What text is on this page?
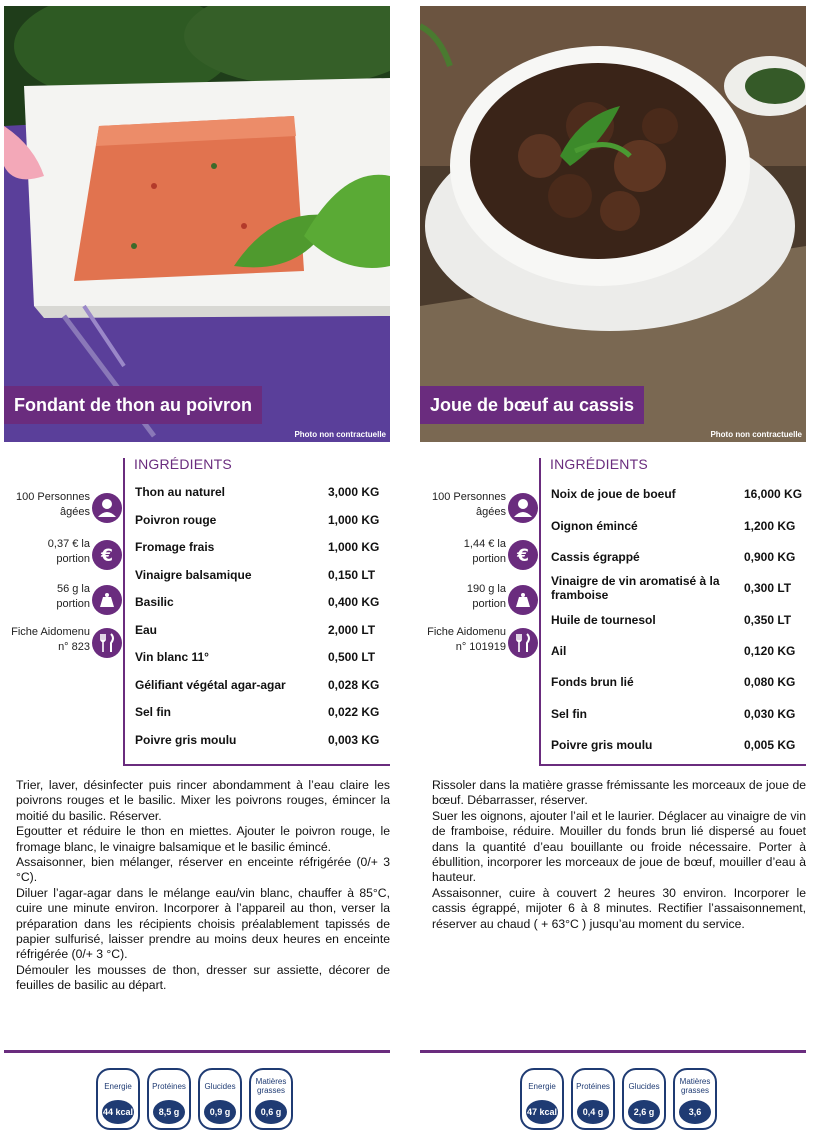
Fondant de thon au poivron
Photo non contractuelle
100 Personnes âgées
0,37 € la portion €
56 g la portion
Fiche Aidomenu n° 823
INGRÉDIENTS
Thon au naturel	3,000 KG
Poivron rouge	1,000 KG
Fromage frais	1,000 KG
Vinaigre balsamique	0,150 LT
Basilic	0,400 KG
Eau	2,000 LT
Vin blanc 11°	0,500 LT
Gélifiant végétal agar-agar	0,028 KG
Sel fin	0,022 KG
Poivre gris moulu	0,003 KG

Trier, laver, désinfecter puis rincer abondamment à l’eau claire les poivrons rouges et le basilic. Mixer les poivrons rouges, émincer la moitié du basilic. Réserver.

Egoutter et réduire le thon en miettes. Ajouter le poivron rouge, le fromage blanc, le vinaigre balsamique et le basilic émincé.

Assaisonner, bien mélanger, réserver en enceinte réfrigérée (0/+ 3 °C).

Diluer l’agar-agar dans le mélange eau/vin blanc, chauffer à 85°C, cuire une minute environ. Incorporer à l’appareil au thon, verser la préparation dans les récipients choisis préalablement tapissés de papier sulfurisé, laisser prendre au moins deux heures en enceinte réfrigérée (0/+ 3 °C).

Démouler les mousses de thon, dresser sur assiette, décorer de feuilles de basilic au départ.

Energie
44 kcal
Protéines
8,5 g
Glucides
0,9 g
Matières grasses
0,6 g
Joue de bœuf au cassis
Photo non contractuelle
100 Personnes âgées
1,44 € la portion €
190 g la portion
Fiche Aidomenu n° 101919
INGRÉDIENTS
Noix de joue de boeuf	16,000 KG
Oignon émincé	1,200 KG
Cassis égrappé	0,900 KG
Vinaigre de vin aromatisé à la framboise	0,300 LT
Huile de tournesol	0,350 LT
Ail	0,120 KG
Fonds brun lié	0,080 KG
Sel fin	0,030 KG
Poivre gris moulu	0,005 KG

Rissoler dans la matière grasse frémissante les morceaux de joue de bœuf. Débarrasser, réserver.

Suer les oignons, ajouter l’ail et le laurier. Déglacer au vinaigre de vin de framboise, réduire. Mouiller du fonds brun lié dispersé au fouet dans la quantité d’eau bouillante ou froide nécessaire. Porter à ébullition, incorporer les morceaux de joue de bœuf, mouiller d’eau à hauteur.

Assaisonner, cuire à couvert 2 heures 30 environ. Incorporer le cassis égrappé, mijoter 6 à 8 minutes. Rectifier l’assaisonnement, réserver au chaud ( + 63°C ) jusqu’au moment du service.

Energie
47 kcal
Protéines
0,4 g
Glucides
2,6 g
Matières grasses
3,6
